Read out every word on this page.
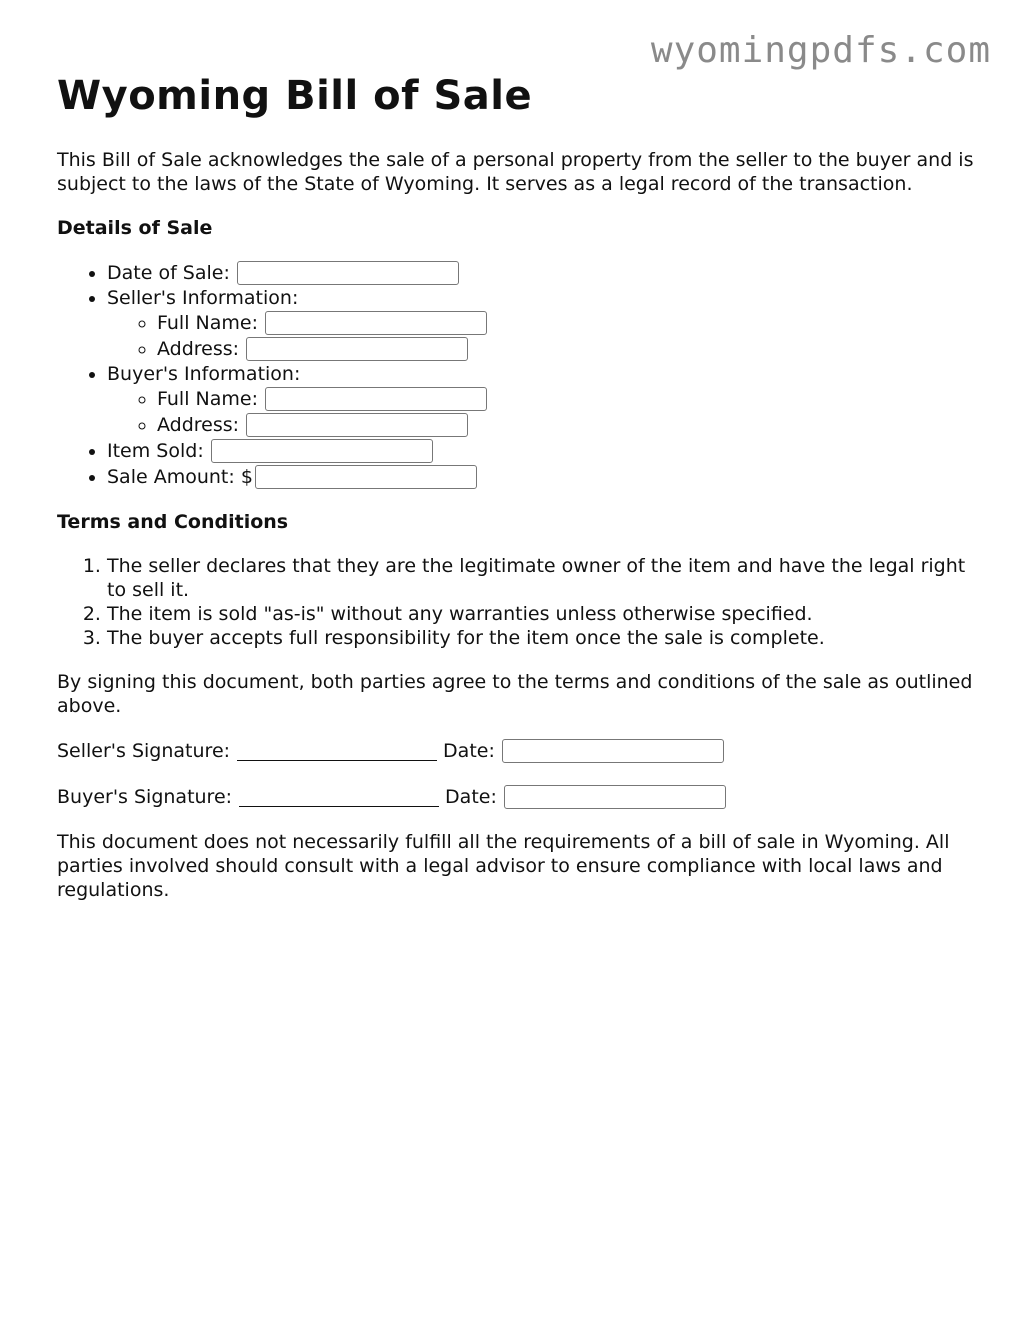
wyomingpdfs.com
Wyoming Bill of Sale

This Bill of Sale acknowledges the sale of a personal property from the seller to the buyer and is subject to the laws of the State of Wyoming. It serves as a legal record of the transaction.

Details of Sale
• Date of Sale:
• Seller's Information:
◦ Full Name:
◦ Address:
• Buyer's Information:
◦ Full Name:
◦ Address:
• Item Sold:
• Sale Amount: $
Terms and Conditions
1. The seller declares that they are the legitimate owner of the item and have the legal right to sell it.
2. The item is sold "as-is" without any warranties unless otherwise specified.
3. The buyer accepts full responsibility for the item once the sale is complete.

By signing this document, both parties agree to the terms and conditions of the sale as outlined above.

Seller's Signature:	Date:
Buyer's Signature:	Date:

This document does not necessarily fulfill all the requirements of a bill of sale in Wyoming. All parties involved should consult with a legal advisor to ensure compliance with local laws and regulations.
